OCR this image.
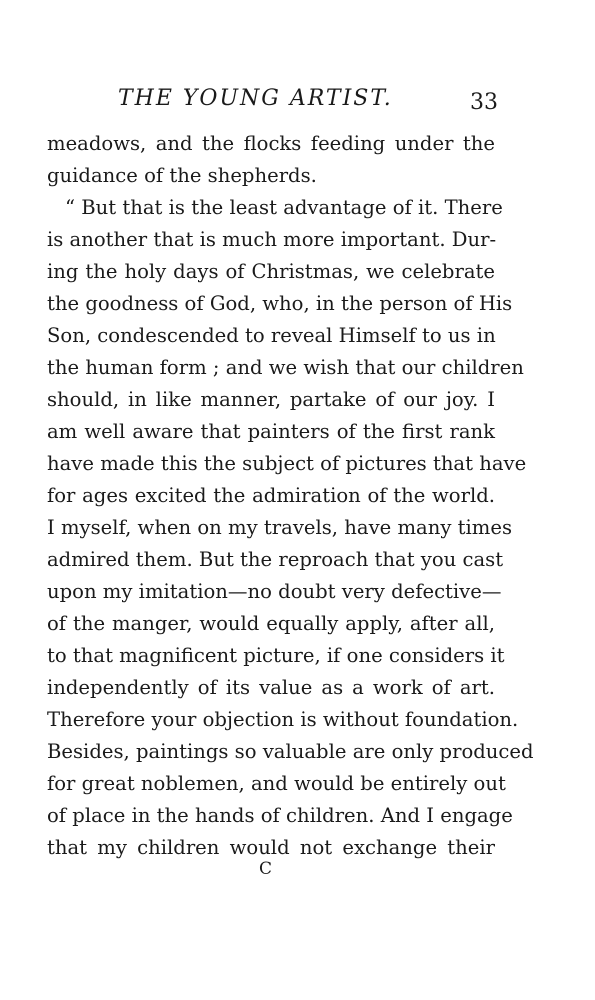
THE YOUNG ARTIST.	33
meadows, and the flocks feeding under the
guidance of the shepherds.
“ But that is the least advantage of it. There
is another that is much more important. Dur-
ing the holy days of Christmas, we celebrate
the goodness of God, who, in the person of His
Son, condescended to reveal Himself to us in
the human form ; and we wish that our children
should, in like manner, partake of our joy. I
am well aware that painters of the first rank
have made this the subject of pictures that have
for ages excited the admiration of the world.
I myself, when on my travels, have many times
admired them. But the reproach that you cast
upon my imitation—no doubt very defective—
of the manger, would equally apply, after all,
to that magnificent picture, if one considers it
independently of its value as a work of art.
Therefore your objection is without foundation.
Besides, paintings so valuable are only produced
for great noblemen, and would be entirely out
of place in the hands of children. And I engage
that my children would not exchange their
C
